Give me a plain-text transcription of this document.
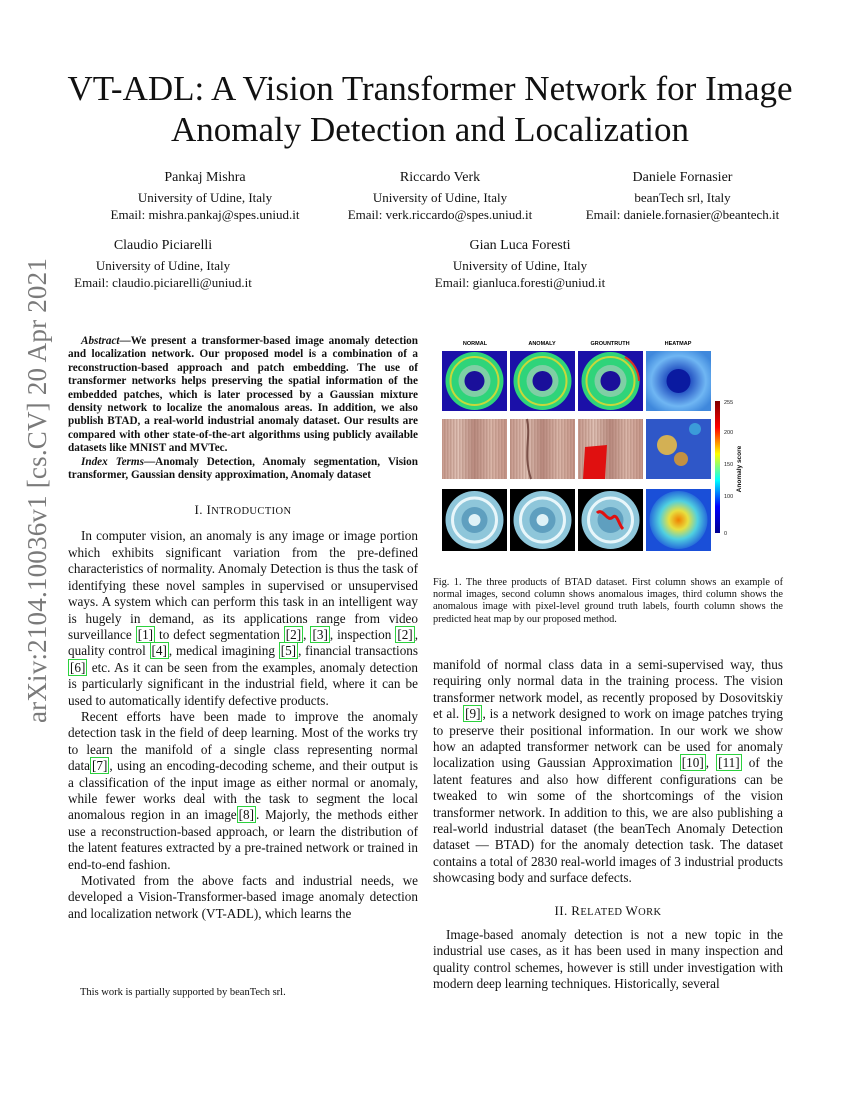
arXiv:2104.10036v1 [cs.CV] 20 Apr 2021
VT-ADL: A Vision Transformer Network for Image Anomaly Detection and Localization
Pankaj Mishra
University of Udine, Italy
Email: mishra.pankaj@spes.uniud.it
Riccardo Verk
University of Udine, Italy
Email: verk.riccardo@spes.uniud.it
Daniele Fornasier
beanTech srl, Italy
Email: daniele.fornasier@beantech.it
Claudio Piciarelli
University of Udine, Italy
Email: claudio.piciarelli@uniud.it
Gian Luca Foresti
University of Udine, Italy
Email: gianluca.foresti@uniud.it

Abstract—We present a transformer-based image anomaly detection and localization network. Our proposed model is a combination of a reconstruction-based approach and patch embedding. The use of transformer networks helps preserving the spatial information of the embedded patches, which is later processed by a Gaussian mixture density network to localize the anomalous areas. In addition, we also publish BTAD, a real-world industrial anomaly dataset. Our results are compared with other state-of-the-art algorithms using publicly available datasets like MNIST and MVTec.

Index Terms—Anomaly Detection, Anomaly segmentation, Vision transformer, Gaussian density approximation, Anomaly dataset

I. INTRODUCTION

In computer vision, an anomaly is any image or image portion which exhibits significant variation from the pre-defined characteristics of normality. Anomaly Detection is thus the task of identifying these novel samples in supervised or unsupervised ways. A system which can perform this task in an intelligent way is hugely in demand, as its applications range from video surveillance [1] to defect segmentation [2] , [3] , inspection [2] , quality control [4] , medical imagining [5] , financial transactions [6] etc. As it can be seen from the examples, anomaly detection is particularly significant in the industrial field, where it can be used to automatically identify defective products.

Recent efforts have been made to improve the anomaly detection task in the field of deep learning. Most of the works try to learn the manifold of a single class representing normal data [7] , using an encoding-decoding scheme, and their output is a classification of the input image as either normal or anomaly, while fewer works deal with the task to segment the local anomalous region in an image [8] . Majorly, the methods either use a reconstruction-based approach, or learn the distribution of the latent features extracted by a pre-trained network or trained in end-to-end fashion.

Motivated from the above facts and industrial needs, we developed a Vision-Transformer-based image anomaly detection and localization network (VT-ADL), which learns the

This work is partially supported by beanTech srl.
NORMAL	ANOMALY	GROUNTRUTH	HEATMAP
255
200
150
100
0
Anomaly score
Fig. 1. The three products of BTAD dataset. First column shows an example of normal images, second column shows anomalous images, third column shows the anomalous image with pixel-level ground truth labels, fourth column shows the predicted heat map by our proposed method.

manifold of normal class data in a semi-supervised way, thus requiring only normal data in the training process. The vision transformer network model, as recently proposed by Dosovitskiy et al. [9] , is a network designed to work on image patches trying to preserve their positional information. In our work we show how an adapted transformer network can be used for anomaly localization using Gaussian Approximation [10] , [11] of the latent features and also how different configurations can be tweaked to win some of the shortcomings of the vision transformer network. In addition to this, we are also publishing a real-world industrial dataset (the beanTech Anomaly Detection dataset — BTAD) for the anomaly detection task. The dataset contains a total of 2830 real-world images of 3 industrial products showcasing body and surface defects.

II. RELATED WORK

Image-based anomaly detection is not a new topic in the industrial use cases, as it has been used in many inspection and quality control schemes, however is still under investigation with modern deep learning techniques. Historically, several
